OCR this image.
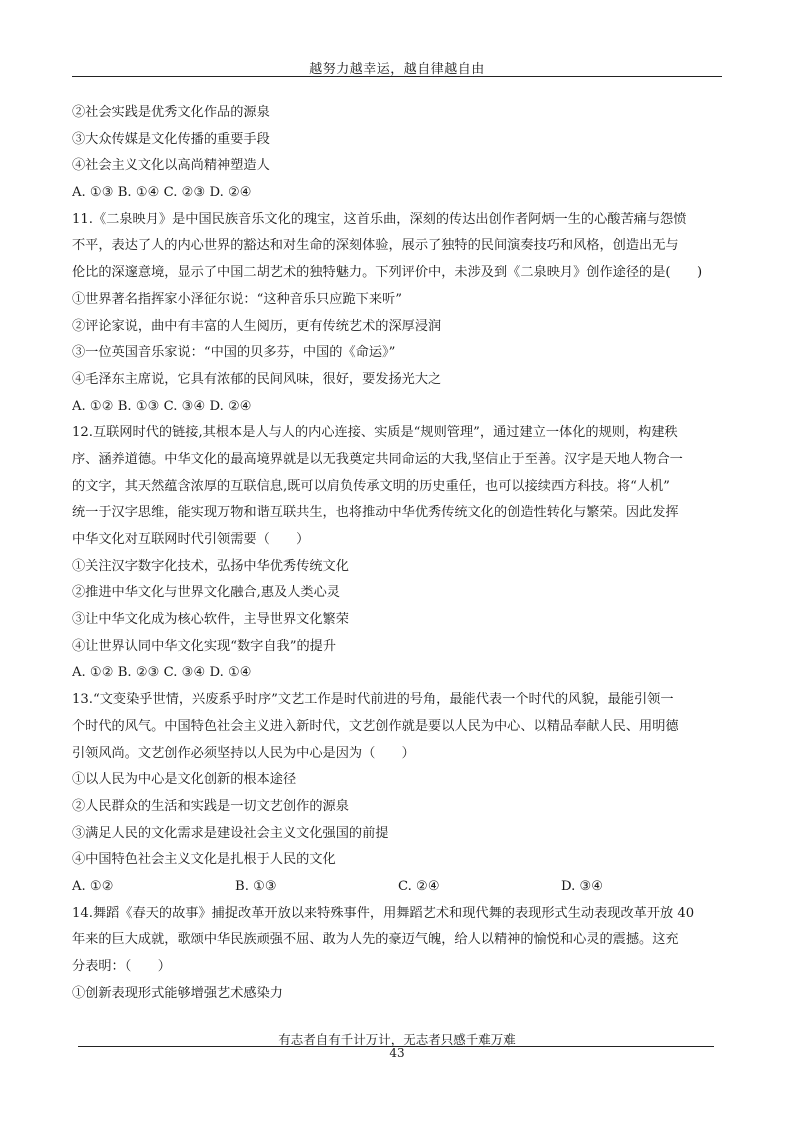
越努力越幸运，越自律越自由
②社会实践是优秀文化作品的源泉
③大众传媒是文化传播的重要手段
④社会主义文化以高尚精神塑造人
A. ①③ B. ①④ C. ②③ D. ②④
11.《二泉映月》是中国民族音乐文化的瑰宝，这首乐曲，深刻的传达出创作者阿炳一生的心酸苦痛与怨愤
不平，表达了人的内心世界的豁达和对生命的深刻体验，展示了独特的民间演奏技巧和风格，创造出无与
伦比的深邃意境，显示了中国二胡艺术的独特魅力。下列评价中，未涉及到《二泉映月》创作途径的是(　　)
①世界著名指挥家小泽征尔说：“这种音乐只应跪下来听”
②评论家说，曲中有丰富的人生阅历，更有传统艺术的深厚浸润
③一位英国音乐家说：“中国的贝多芬，中国的《命运》”
④毛泽东主席说，它具有浓郁的民间风味，很好，要发扬光大之
A. ①② B. ①③ C. ③④ D. ②④
12.互联网时代的链接,其根本是人与人的内心连接、实质是“规则管理”，通过建立一体化的规则，构建秩
序、涵养道德。中华文化的最高境界就是以无我奠定共同命运的大我,坚信止于至善。汉字是天地人物合一
的文字，其天然蕴含浓厚的互联信息,既可以肩负传承文明的历史重任，也可以接续西方科技。将“人机”
统一于汉字思维，能实现万物和谐互联共生，也将推动中华优秀传统文化的创造性转化与繁荣。因此发挥
中华文化对互联网时代引领需要（　　）
①关注汉字数字化技术，弘扬中华优秀传统文化
②推进中华文化与世界文化融合,惠及人类心灵
③让中华文化成为核心软件，主导世界文化繁荣
④让世界认同中华文化实现“数字自我”的提升
A. ①② B. ②③ C. ③④ D. ①④
13.“文变染乎世情，兴废系乎时序”文艺工作是时代前进的号角，最能代表一个时代的风貌，最能引领一
个时代的风气。中国特色社会主义进入新时代，文艺创作就是要以人民为中心、以精品奉献人民、用明德
引领风尚。文艺创作必须坚持以人民为中心是因为（　　）
①以人民为中心是文化创新的根本途径
②人民群众的生活和实践是一切文艺创作的源泉
③满足人民的文化需求是建设社会主义文化强国的前提
④中国特色社会主义文化是扎根于人民的文化
A. ①②	B. ①③	C. ②④	D. ③④
14.舞蹈《春天的故事》捕捉改革开放以来特殊事件，用舞蹈艺术和现代舞的表现形式生动表现改革开放 40
年来的巨大成就，歌颂中华民族顽强不屈、敢为人先的豪迈气魄，给人以精神的愉悦和心灵的震撼。这充
分表明：（　　）
①创新表现形式能够增强艺术感染力
有志者自有千计万计，无志者只感千难万难
43
